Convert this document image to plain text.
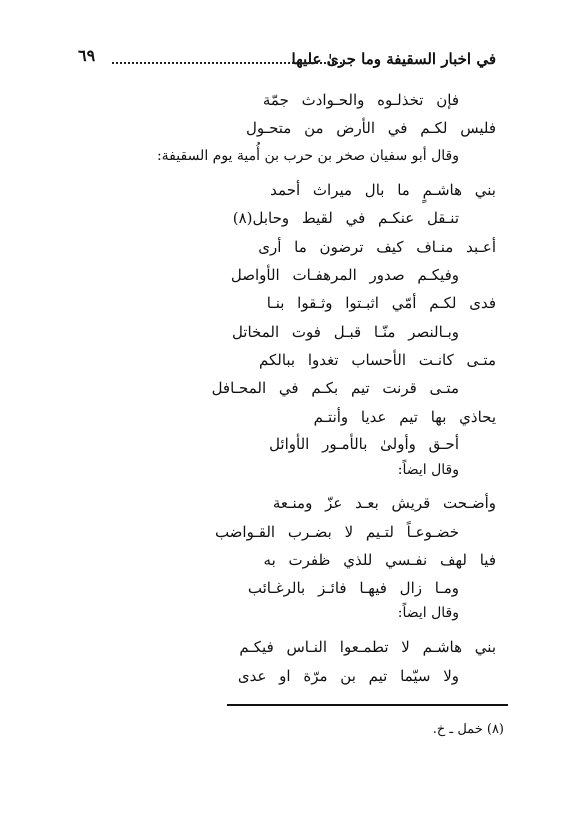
في اخبار السقيفة وما جرىٰ عليها
٦٩
فإن تخذلـوه والحـوادث جمّة
فليس لكـم في الأرض من متحـول
وقال أبو سفيان صخر بن حرب بن أُمية يوم السقيفة:
بني هاشـمٍ ما بال ميراث أحمد
تنـقل عنكـم في لقيط وحابل(٨)
أعـبد منـاف كيف ترضون ما أرى
وفيكـم صدور المرهفـات الأواصل
فدى لكـم أمّي اثبـتوا وثـقوا بنـا
وبـالنصر منّـا قبـل فوت المخاتل
متـى كانـت الأحساب تغدوا ببالكم
متـى قرنت تيم بكـم في المحـافل
يحاذي بها تيم عديا وأنتـم
أحـق وأولىٰ بالأمـور الأوائل
وقال ايضاً:
وأضـحت قريش بعـد عزّ ومنـعة
خضـوعـاً لتـيم لا بضـرب القـواضب
فيا لهف نفـسي للذي ظفرت به
ومـا زال فيهـا فائـز بالرغـائب
وقال ايضاً:
بني هاشـم لا تطمـعوا النـاس فيكـم
ولا سيّما تيم بن مرّة او عدى
(٨) خمل ـ خ.
